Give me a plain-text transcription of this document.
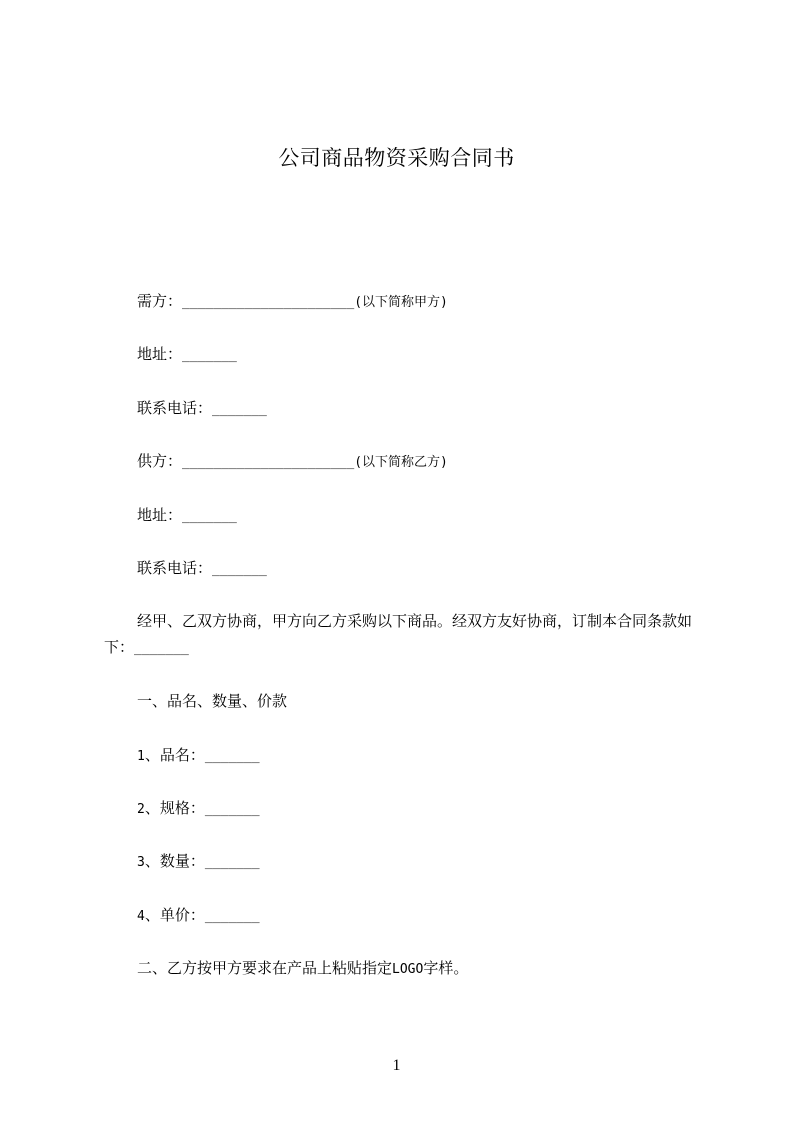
公司商品物资采购合同书
需方：______________________(以下简称甲方)
地址：_______
联系电话：_______
供方：______________________(以下简称乙方)
地址：_______
联系电话：_______
经甲、乙双方协商，甲方向乙方采购以下商品。经双方友好协商，订制本合同条款如下：_______
一、品名、数量、价款
1、品名：_______
2、规格：_______
3、数量：_______
4、单价：_______
二、乙方按甲方要求在产品上粘贴指定LOGO字样。
1
